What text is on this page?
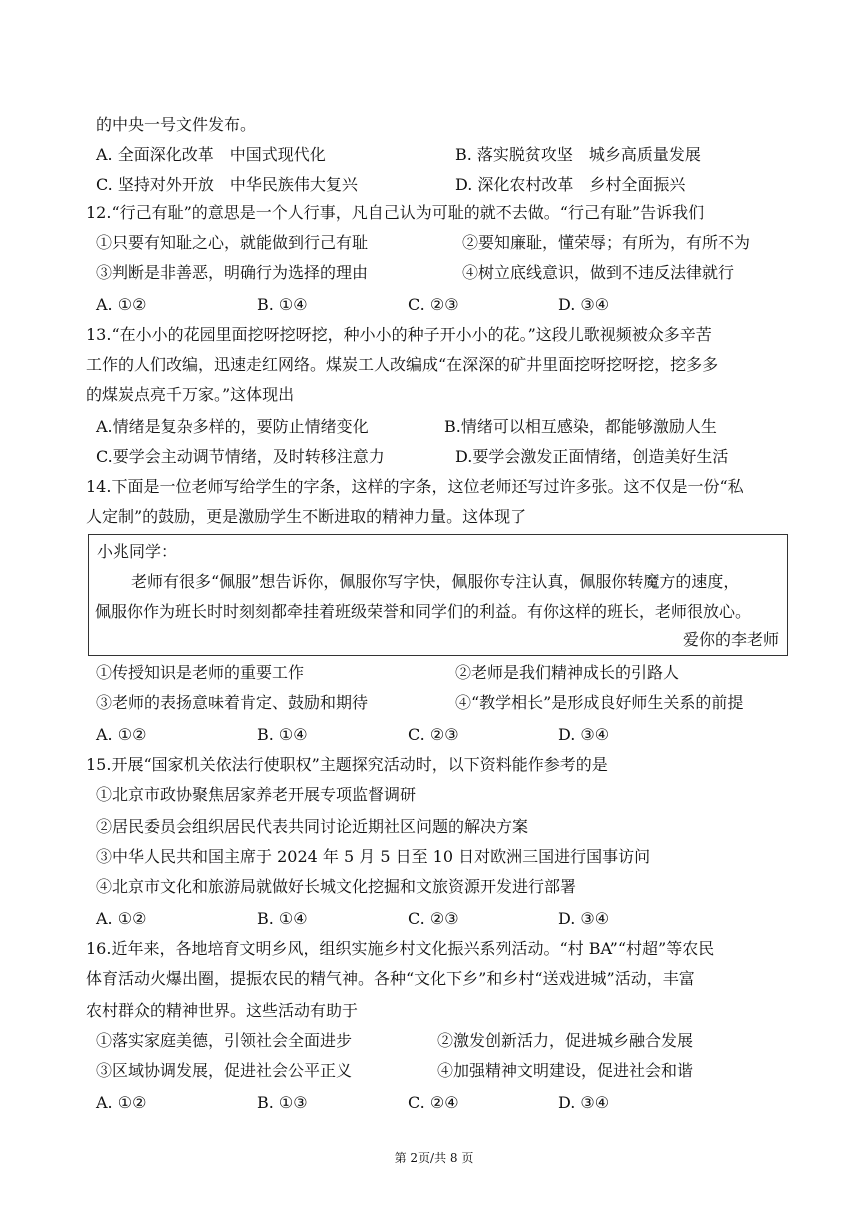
的中央一号文件发布。
A. 全面深化改革　中国式现代化	B. 落实脱贫攻坚　城乡高质量发展
C. 坚持对外开放　中华民族伟大复兴	D. 深化农村改革　乡村全面振兴
12.“行己有耻”的意思是一个人行事，凡自己认为可耻的就不去做。“行己有耻”告诉我们
①只要有知耻之心，就能做到行己有耻	②要知廉耻，懂荣辱；有所为，有所不为
③判断是非善恶，明确行为选择的理由	④树立底线意识，做到不违反法律就行
A. ①②	B. ①④	C. ②③	D. ③④
13.“在小小的花园里面挖呀挖呀挖，种小小的种子开小小的花。”这段儿歌视频被众多辛苦
工作的人们改编，迅速走红网络。煤炭工人改编成“在深深的矿井里面挖呀挖呀挖，挖多多
的煤炭点亮千万家。”这体现出
A.情绪是复杂多样的，要防止情绪变化	B.情绪可以相互感染，都能够激励人生
C.要学会主动调节情绪，及时转移注意力	D.要学会激发正面情绪，创造美好生活
14.下面是一位老师写给学生的字条，这样的字条，这位老师还写过许多张。这不仅是一份“私
人定制”的鼓励，更是激励学生不断进取的精神力量。这体现了
小兆同学：
老师有很多“佩服”想告诉你，佩服你写字快，佩服你专注认真，佩服你转魔方的速度，
佩服你作为班长时时刻刻都牵挂着班级荣誉和同学们的利益。有你这样的班长，老师很放心。
爱你的李老师
①传授知识是老师的重要工作	②老师是我们精神成长的引路人
③老师的表扬意味着肯定、鼓励和期待	④“教学相长”是形成良好师生关系的前提
A. ①②	B. ①④	C. ②③	D. ③④
15.开展“国家机关依法行使职权”主题探究活动时，以下资料能作参考的是
①北京市政协聚焦居家养老开展专项监督调研
②居民委员会组织居民代表共同讨论近期社区问题的解决方案
③中华人民共和国主席于 2024 年 5 月 5 日至 10 日对欧洲三国进行国事访问
④北京市文化和旅游局就做好长城文化挖掘和文旅资源开发进行部署
A. ①②	B. ①④	C. ②③	D. ③④
16.近年来，各地培育文明乡风，组织实施乡村文化振兴系列活动。“村 BA”“村超”等农民
体育活动火爆出圈，提振农民的精气神。各种“文化下乡”和乡村“送戏进城”活动，丰富
农村群众的精神世界。这些活动有助于
①落实家庭美德，引领社会全面进步	②激发创新活力，促进城乡融合发展
③区域协调发展，促进社会公平正义	④加强精神文明建设，促进社会和谐
A. ①②	B. ①③	C. ②④	D. ③④
第 2页/共 8 页
